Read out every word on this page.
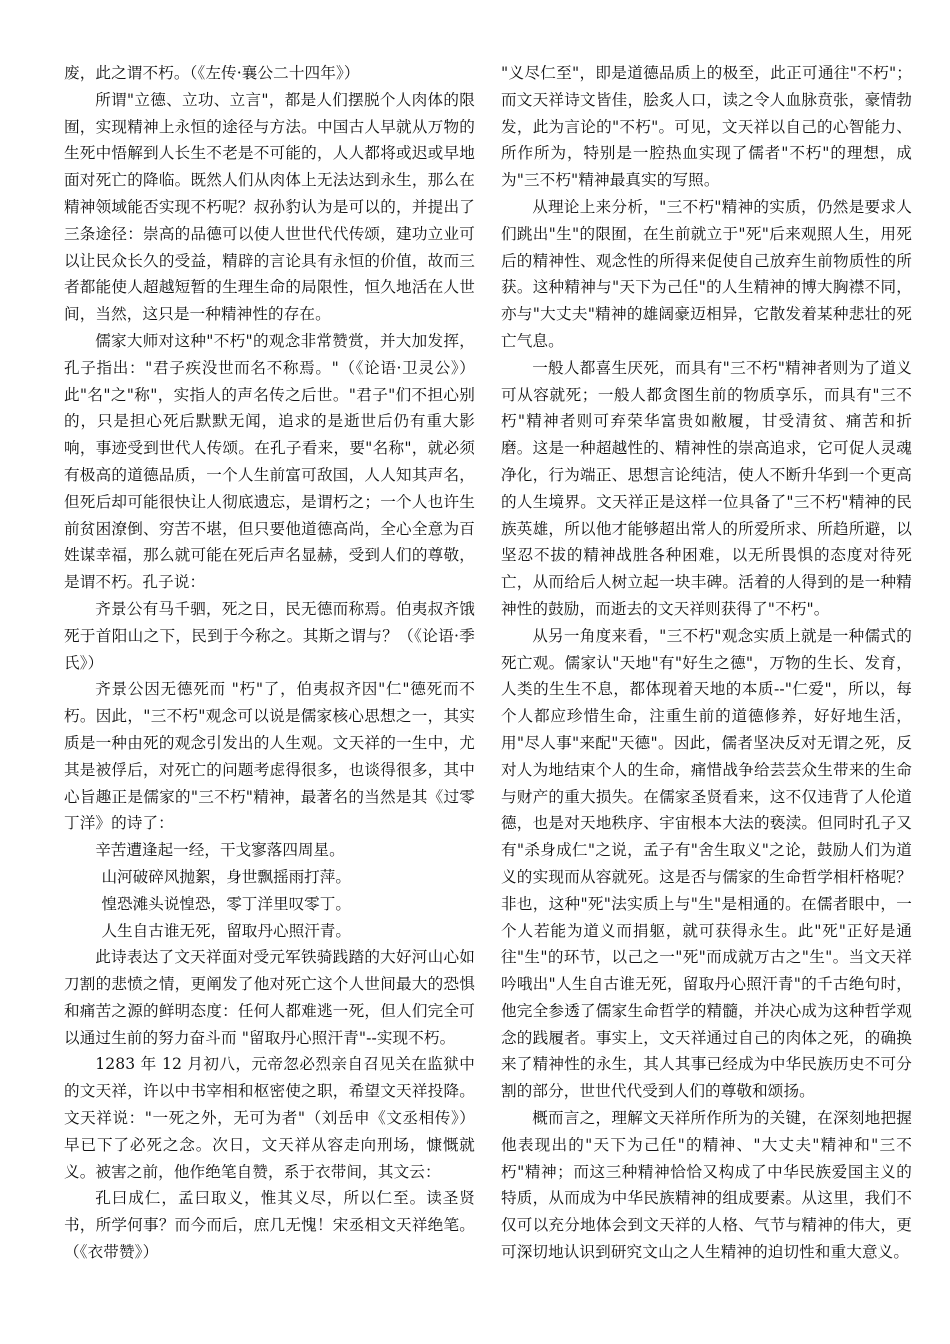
废，此之谓不朽。（《左传·襄公二十四年》）

所谓"立德、立功、立言"，都是人们摆脱个人肉体的限囿，实现精神上永恒的途径与方法。中国古人早就从万物的生死中悟解到人长生不老是不可能的，人人都将或迟或早地面对死亡的降临。既然人们从肉体上无法达到永生，那么在精神领域能否实现不朽呢？叔孙豹认为是可以的，并提出了三条途径：崇高的品德可以使人世世代代传颂，建功立业可以让民众长久的受益，精辟的言论具有永恒的价值，故而三者都能使人超越短暂的生理生命的局限性，恒久地活在人世间，当然，这只是一种精神性的存在。

儒家大师对这种"不朽"的观念非常赞赏，并大加发挥，孔子指出："君子疾没世而名不称焉。"（《论语·卫灵公》）此"名"之"称"，实指人的声名传之后世。"君子"们不担心别的，只是担心死后默默无闻，追求的是逝世后仍有重大影响，事迹受到世代人传颂。在孔子看来，要"名称"，就必须有极高的道德品质，一个人生前富可敌国，人人知其声名，但死后却可能很快让人彻底遗忘，是谓朽之；一个人也许生前贫困潦倒、穷苦不堪，但只要他道德高尚，全心全意为百姓谋幸福，那么就可能在死后声名显赫，受到人们的尊敬，是谓不朽。孔子说：

齐景公有马千驷，死之日，民无德而称焉。伯夷叔齐饿死于首阳山之下，民到于今称之。其斯之谓与？（《论语·季氏》）

齐景公因无德死而 "朽"了，伯夷叔齐因"仁"德死而不朽。因此，"三不朽"观念可以说是儒家核心思想之一，其实质是一种由死的观念引发出的人生观。文天祥的一生中，尤其是被俘后，对死亡的问题考虑得很多，也谈得很多，其中心旨趣正是儒家的"三不朽"精神，最著名的当然是其《过零丁洋》的诗了：

辛苦遭逢起一经，干戈寥落四周星。
山河破碎风抛絮，身世飘摇雨打萍。
惶恐滩头说惶恐，零丁洋里叹零丁。
人生自古谁无死，留取丹心照汗青。

此诗表达了文天祥面对受元军铁骑践踏的大好河山心如刀割的悲愤之情，更阐发了他对死亡这个人世间最大的恐惧和痛苦之源的鲜明态度：任何人都难逃一死，但人们完全可以通过生前的努力奋斗而 "留取丹心照汗青"--实现不朽。

1283 年 12 月初八，元帝忽必烈亲自召见关在监狱中的文天祥，许以中书宰相和枢密使之职，希望文天祥投降。文天祥说："一死之外，无可为者"（刘岳申《文丞相传》）早已下了必死之念。次日，文天祥从容走向刑场，慷慨就义。被害之前，他作绝笔自赞，系于衣带间，其文云：

孔曰成仁，孟曰取义，惟其义尽，所以仁至。读圣贤书，所学何事？而今而后，庶几无愧！宋丞相文天祥绝笔。（《衣带赞》）

"义尽仁至"，即是道德品质上的极至，此正可通往"不朽"；而文天祥诗文皆佳，脍炙人口，读之令人血脉贲张，豪情勃发，此为言论的"不朽"。可见，文天祥以自己的心智能力、所作所为，特别是一腔热血实现了儒者"不朽"的理想，成为"三不朽"精神最真实的写照。

从理论上来分析，"三不朽"精神的实质，仍然是要求人们跳出"生"的限囿，在生前就立于"死"后来观照人生，用死后的精神性、观念性的所得来促使自己放弃生前物质性的所获。这种精神与"天下为己任"的人生精神的博大胸襟不同，亦与"大丈夫"精神的雄阔豪迈相异，它散发着某种悲壮的死亡气息。

一般人都喜生厌死，而具有"三不朽"精神者则为了道义可从容就死；一般人都贪图生前的物质享乐，而具有"三不朽"精神者则可弃荣华富贵如敝履，甘受清贫、痛苦和折磨。这是一种超越性的、精神性的崇高追求，它可促人灵魂净化，行为端正、思想言论纯洁，使人不断升华到一个更高的人生境界。文天祥正是这样一位具备了"三不朽"精神的民族英雄，所以他才能够超出常人的所爱所求、所趋所避，以坚忍不拔的精神战胜各种困难，以无所畏惧的态度对待死亡，从而给后人树立起一块丰碑。活着的人得到的是一种精神性的鼓励，而逝去的文天祥则获得了"不朽"。

从另一角度来看，"三不朽"观念实质上就是一种儒式的死亡观。儒家认"天地"有"好生之德"，万物的生长、发育，人类的生生不息，都体现着天地的本质--"仁爱"，所以，每个人都应珍惜生命，注重生前的道德修养，好好地生活，用"尽人事"来配"天德"。因此，儒者坚决反对无谓之死，反对人为地结束个人的生命，痛惜战争给芸芸众生带来的生命与财产的重大损失。在儒家圣贤看来，这不仅违背了人伦道德，也是对天地秩序、宇宙根本大法的亵渎。但同时孔子又有"杀身成仁"之说，孟子有"舍生取义"之论，鼓励人们为道义的实现而从容就死。这是否与儒家的生命哲学相杆格呢？非也，这种"死"法实质上与"生"是相通的。在儒者眼中，一个人若能为道义而捐躯，就可获得永生。此"死"正好是通往"生"的环节，以己之一"死"而成就万古之"生"。当文天祥吟哦出"人生自古谁无死，留取丹心照汗青"的千古绝句时，他完全参透了儒家生命哲学的精髓，并决心成为这种哲学观念的践履者。事实上，文天祥通过自己的肉体之死，的确换来了精神性的永生，其人其事已经成为中华民族历史不可分割的部分，世世代代受到人们的尊敬和颂扬。

概而言之，理解文天祥所作所为的关键，在深刻地把握他表现出的"天下为己任"的精神、"大丈夫"精神和"三不朽"精神；而这三种精神恰恰又构成了中华民族爱国主义的特质，从而成为中华民族精神的组成要素。从这里，我们不仅可以充分地体会到文天祥的人格、气节与精神的伟大，更可深切地认识到研究文山之人生精神的迫切性和重大意义。
